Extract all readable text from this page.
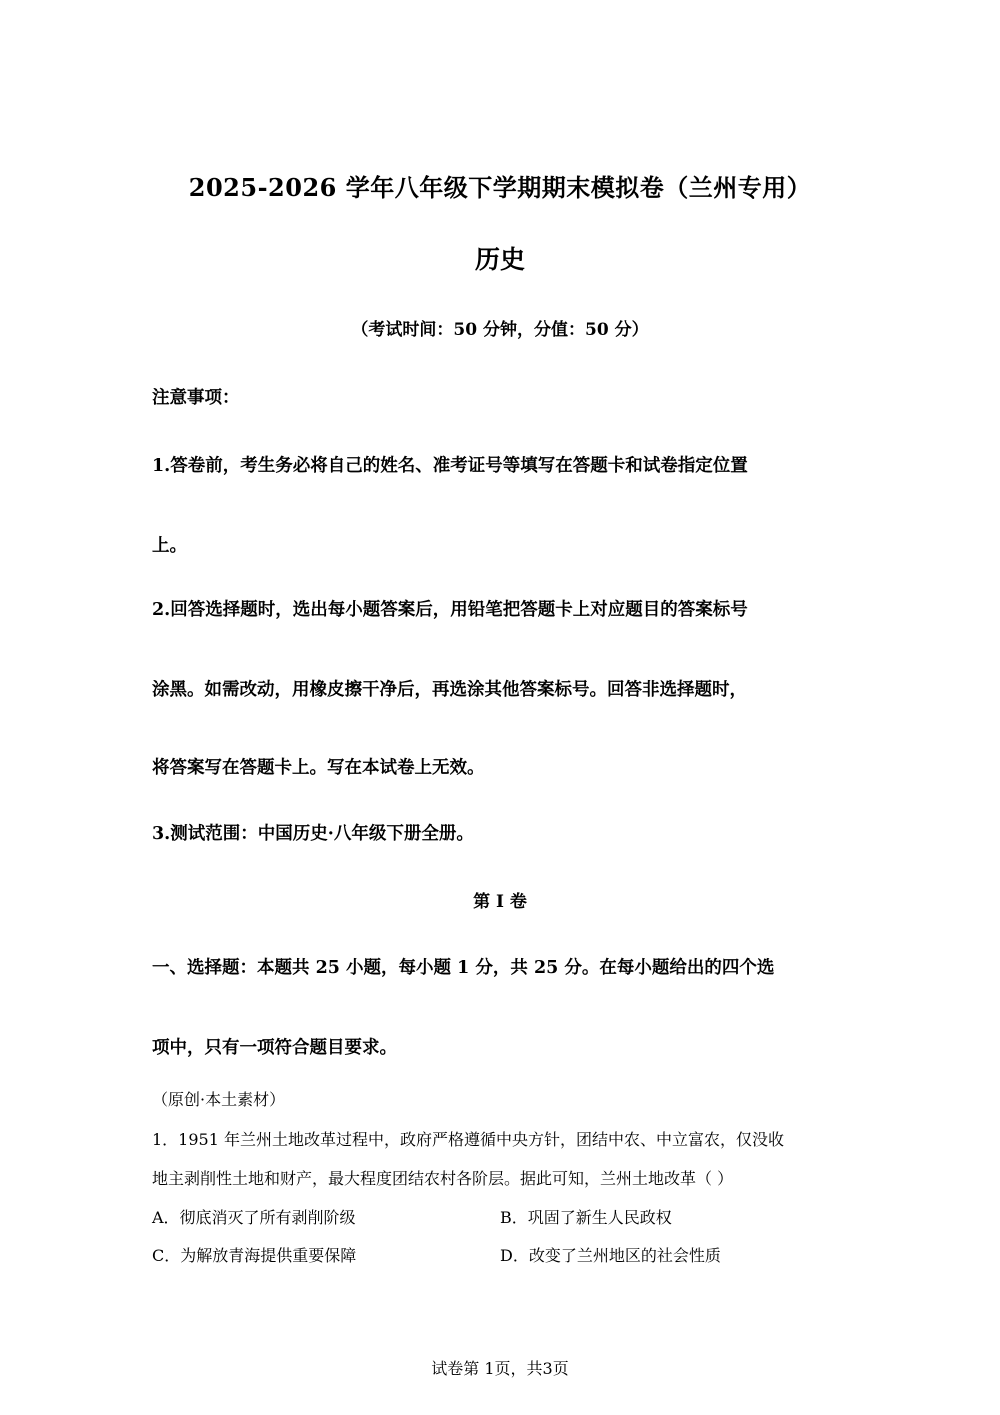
2025-2026 学年八年级下学期期末模拟卷（兰州专用）
历史
（考试时间：50 分钟，分值：50 分）
注意事项：
1.答卷前，考生务必将自己的姓名、准考证号等填写在答题卡和试卷指定位置
上。
2.回答选择题时，选出每小题答案后，用铅笔把答题卡上对应题目的答案标号
涂黑。如需改动，用橡皮擦干净后，再选涂其他答案标号。回答非选择题时，
将答案写在答题卡上。写在本试卷上无效。
3.测试范围：中国历史·八年级下册全册。
第 I 卷
一、选择题：本题共 25 小题，每小题 1 分，共 25 分。在每小题给出的四个选
项中，只有一项符合题目要求。
（原创·本土素材）
1．1951 年兰州土地改革过程中，政府严格遵循中央方针，团结中农、中立富农，仅没收
地主剥削性土地和财产，最大程度团结农村各阶层。据此可知，兰州土地改革（ ）
A．彻底消灭了所有剥削阶级	B．巩固了新生人民政权
C．为解放青海提供重要保障	D．改变了兰州地区的社会性质
试卷第 1页，共3页
